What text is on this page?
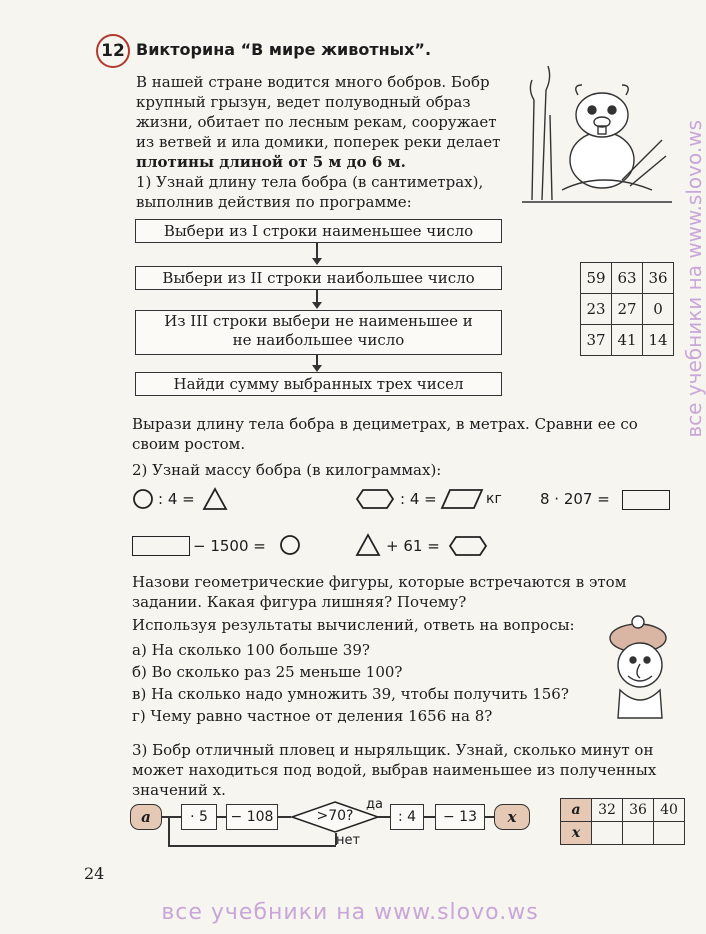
12 Викторина “В мире животных”.
В нашей стране водится много бобров. Бобр
крупный грызун, ведет полуводный образ
жизни, обитает по лесным рекам, сооружает
из ветвей и ила домики, поперек реки делает
плотины длиной от 5 м до 6 м.
1) Узнай длину тела бобра (в сантиметрах),
выполнив действия по программе:
Выбери из I строки наименьшее число
Выбери из II строки наибольшее число
Из III строки выбери не наименьшее и
не наибольшее число
Найди сумму выбранных трех чисел
59	63	36
23	27	0
37	41	14
Вырази длину тела бобра в дециметрах, в метрах. Сравни ее со
своим ростом.
2) Узнай массу бобра (в килограммах):
: 4 =	: 4 =	кг	8 · 207 =
− 1500 =	+ 61 =
Назови геометрические фигуры, которые встречаются в этом
задании. Какая фигура лишняя? Почему?
Используя результаты вычислений, ответь на вопросы:
а) На сколько 100 больше 39?
б) Во сколько раз 25 меньше 100?
в) На сколько надо умножить 39, чтобы получить 156?
г) Чему равно частное от деления 1656 на 8?
3) Бобр отличный пловец и ныряльщик. Узнай, сколько минут он
может находиться под водой, выбрав наименьшее из полученных
значений x.
a	· 5	− 108	>70?
да
: 4	− 13	x
нет
a	32	36	40
x			
24
все учебники на www.slovo.ws
все учебники на www.slovo.ws
